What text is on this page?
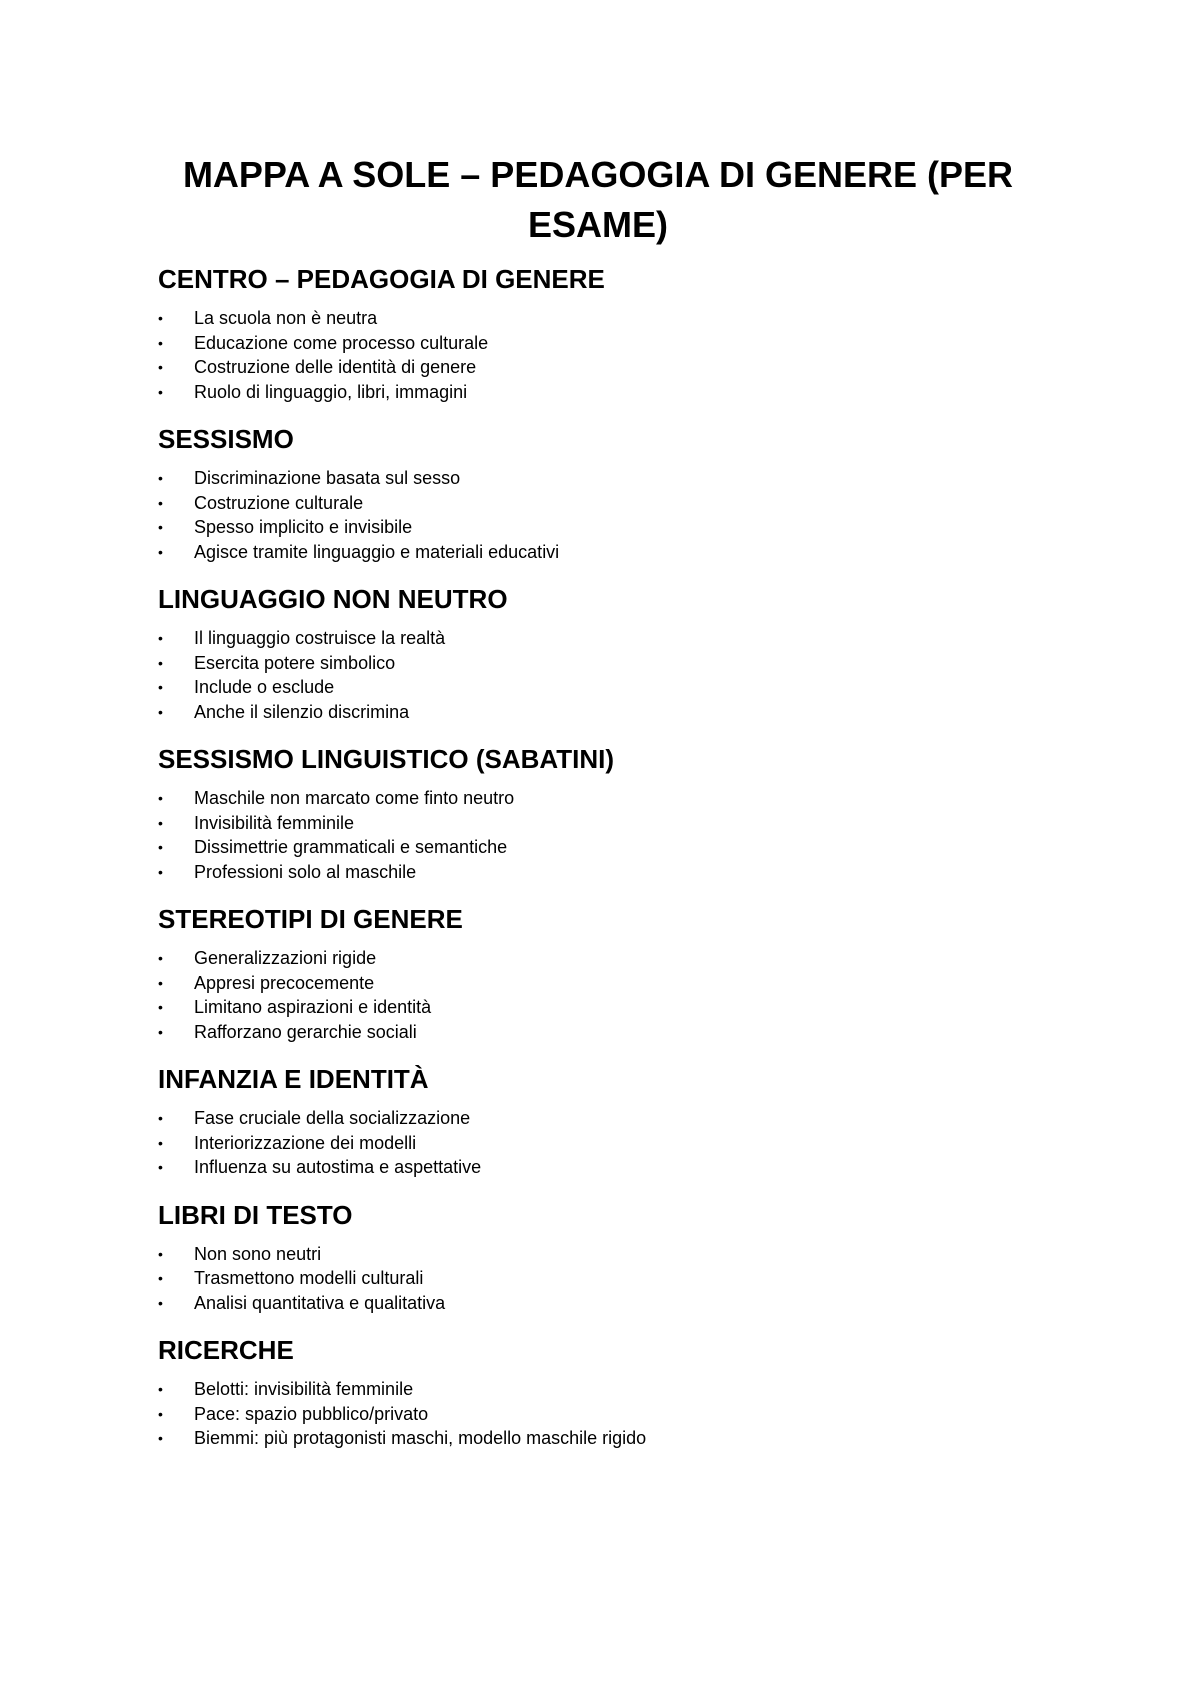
MAPPA A SOLE – PEDAGOGIA DI GENERE (PER ESAME)
CENTRO – PEDAGOGIA DI GENERE
• La scuola non è neutra
• Educazione come processo culturale
• Costruzione delle identità di genere
• Ruolo di linguaggio, libri, immagini
SESSISMO
• Discriminazione basata sul sesso
• Costruzione culturale
• Spesso implicito e invisibile
• Agisce tramite linguaggio e materiali educativi
LINGUAGGIO NON NEUTRO
• Il linguaggio costruisce la realtà
• Esercita potere simbolico
• Include o esclude
• Anche il silenzio discrimina
SESSISMO LINGUISTICO (SABATINI)
• Maschile non marcato come finto neutro
• Invisibilità femminile
• Dissimettrie grammaticali e semantiche
• Professioni solo al maschile
STEREOTIPI DI GENERE
• Generalizzazioni rigide
• Appresi precocemente
• Limitano aspirazioni e identità
• Rafforzano gerarchie sociali
INFANZIA E IDENTITÀ
• Fase cruciale della socializzazione
• Interiorizzazione dei modelli
• Influenza su autostima e aspettative
LIBRI DI TESTO
• Non sono neutri
• Trasmettono modelli culturali
• Analisi quantitativa e qualitativa
RICERCHE
• Belotti: invisibilità femminile
• Pace: spazio pubblico/privato
• Biemmi: più protagonisti maschi, modello maschile rigido
